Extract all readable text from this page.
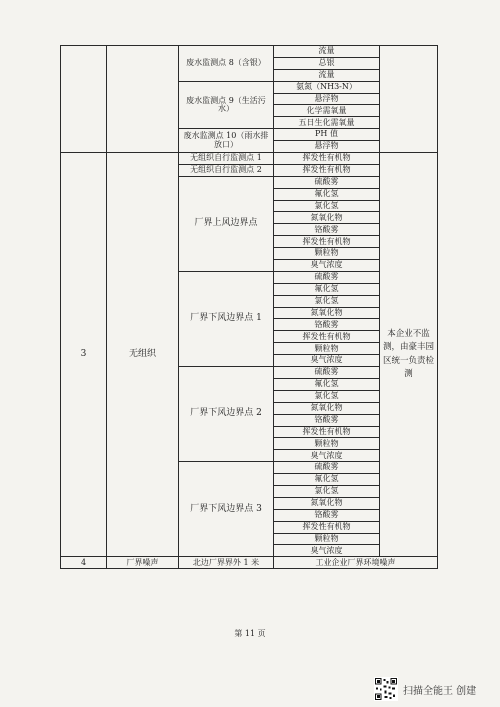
		废水监测点 8（含银）	流量	
			总银	
			流量	
		废水监测点 9（生活污水）	氨氮（NH3-N）	
			悬浮物	
			化学需氧量	
			五日生化需氧量	
		废水监测点 10（雨水排放口）	PH 值	
			悬浮物	
3	无组织	无组织自行监测点 1	挥发性有机物	本企业不监测，由豪丰园区统一负责检测
		无组织自行监测点 2	挥发性有机物	
		厂界上风边界点	硫酸雾	
			氟化氢	
			氯化氢	
			氮氧化物	
			铬酸雾	
			挥发性有机物	
			颗粒物	
			臭气浓度	
		厂界下风边界点 1	硫酸雾	
			氟化氢	
			氯化氢	
			氮氧化物	
			铬酸雾	
			挥发性有机物	
			颗粒物	
			臭气浓度	
		厂界下风边界点 2	硫酸雾	
			氟化氢	
			氯化氢	
			氮氧化物	
			铬酸雾	
			挥发性有机物	
			颗粒物	
			臭气浓度	
		厂界下风边界点 3	硫酸雾	
			氟化氢	
			氯化氢	
			氮氧化物	
			铬酸雾	
			挥发性有机物	
			颗粒物	
			臭气浓度	
4	厂界噪声	北边厂界界外 1 米	工业企业厂界环境噪声	
第 11 页
扫描全能王 创建
